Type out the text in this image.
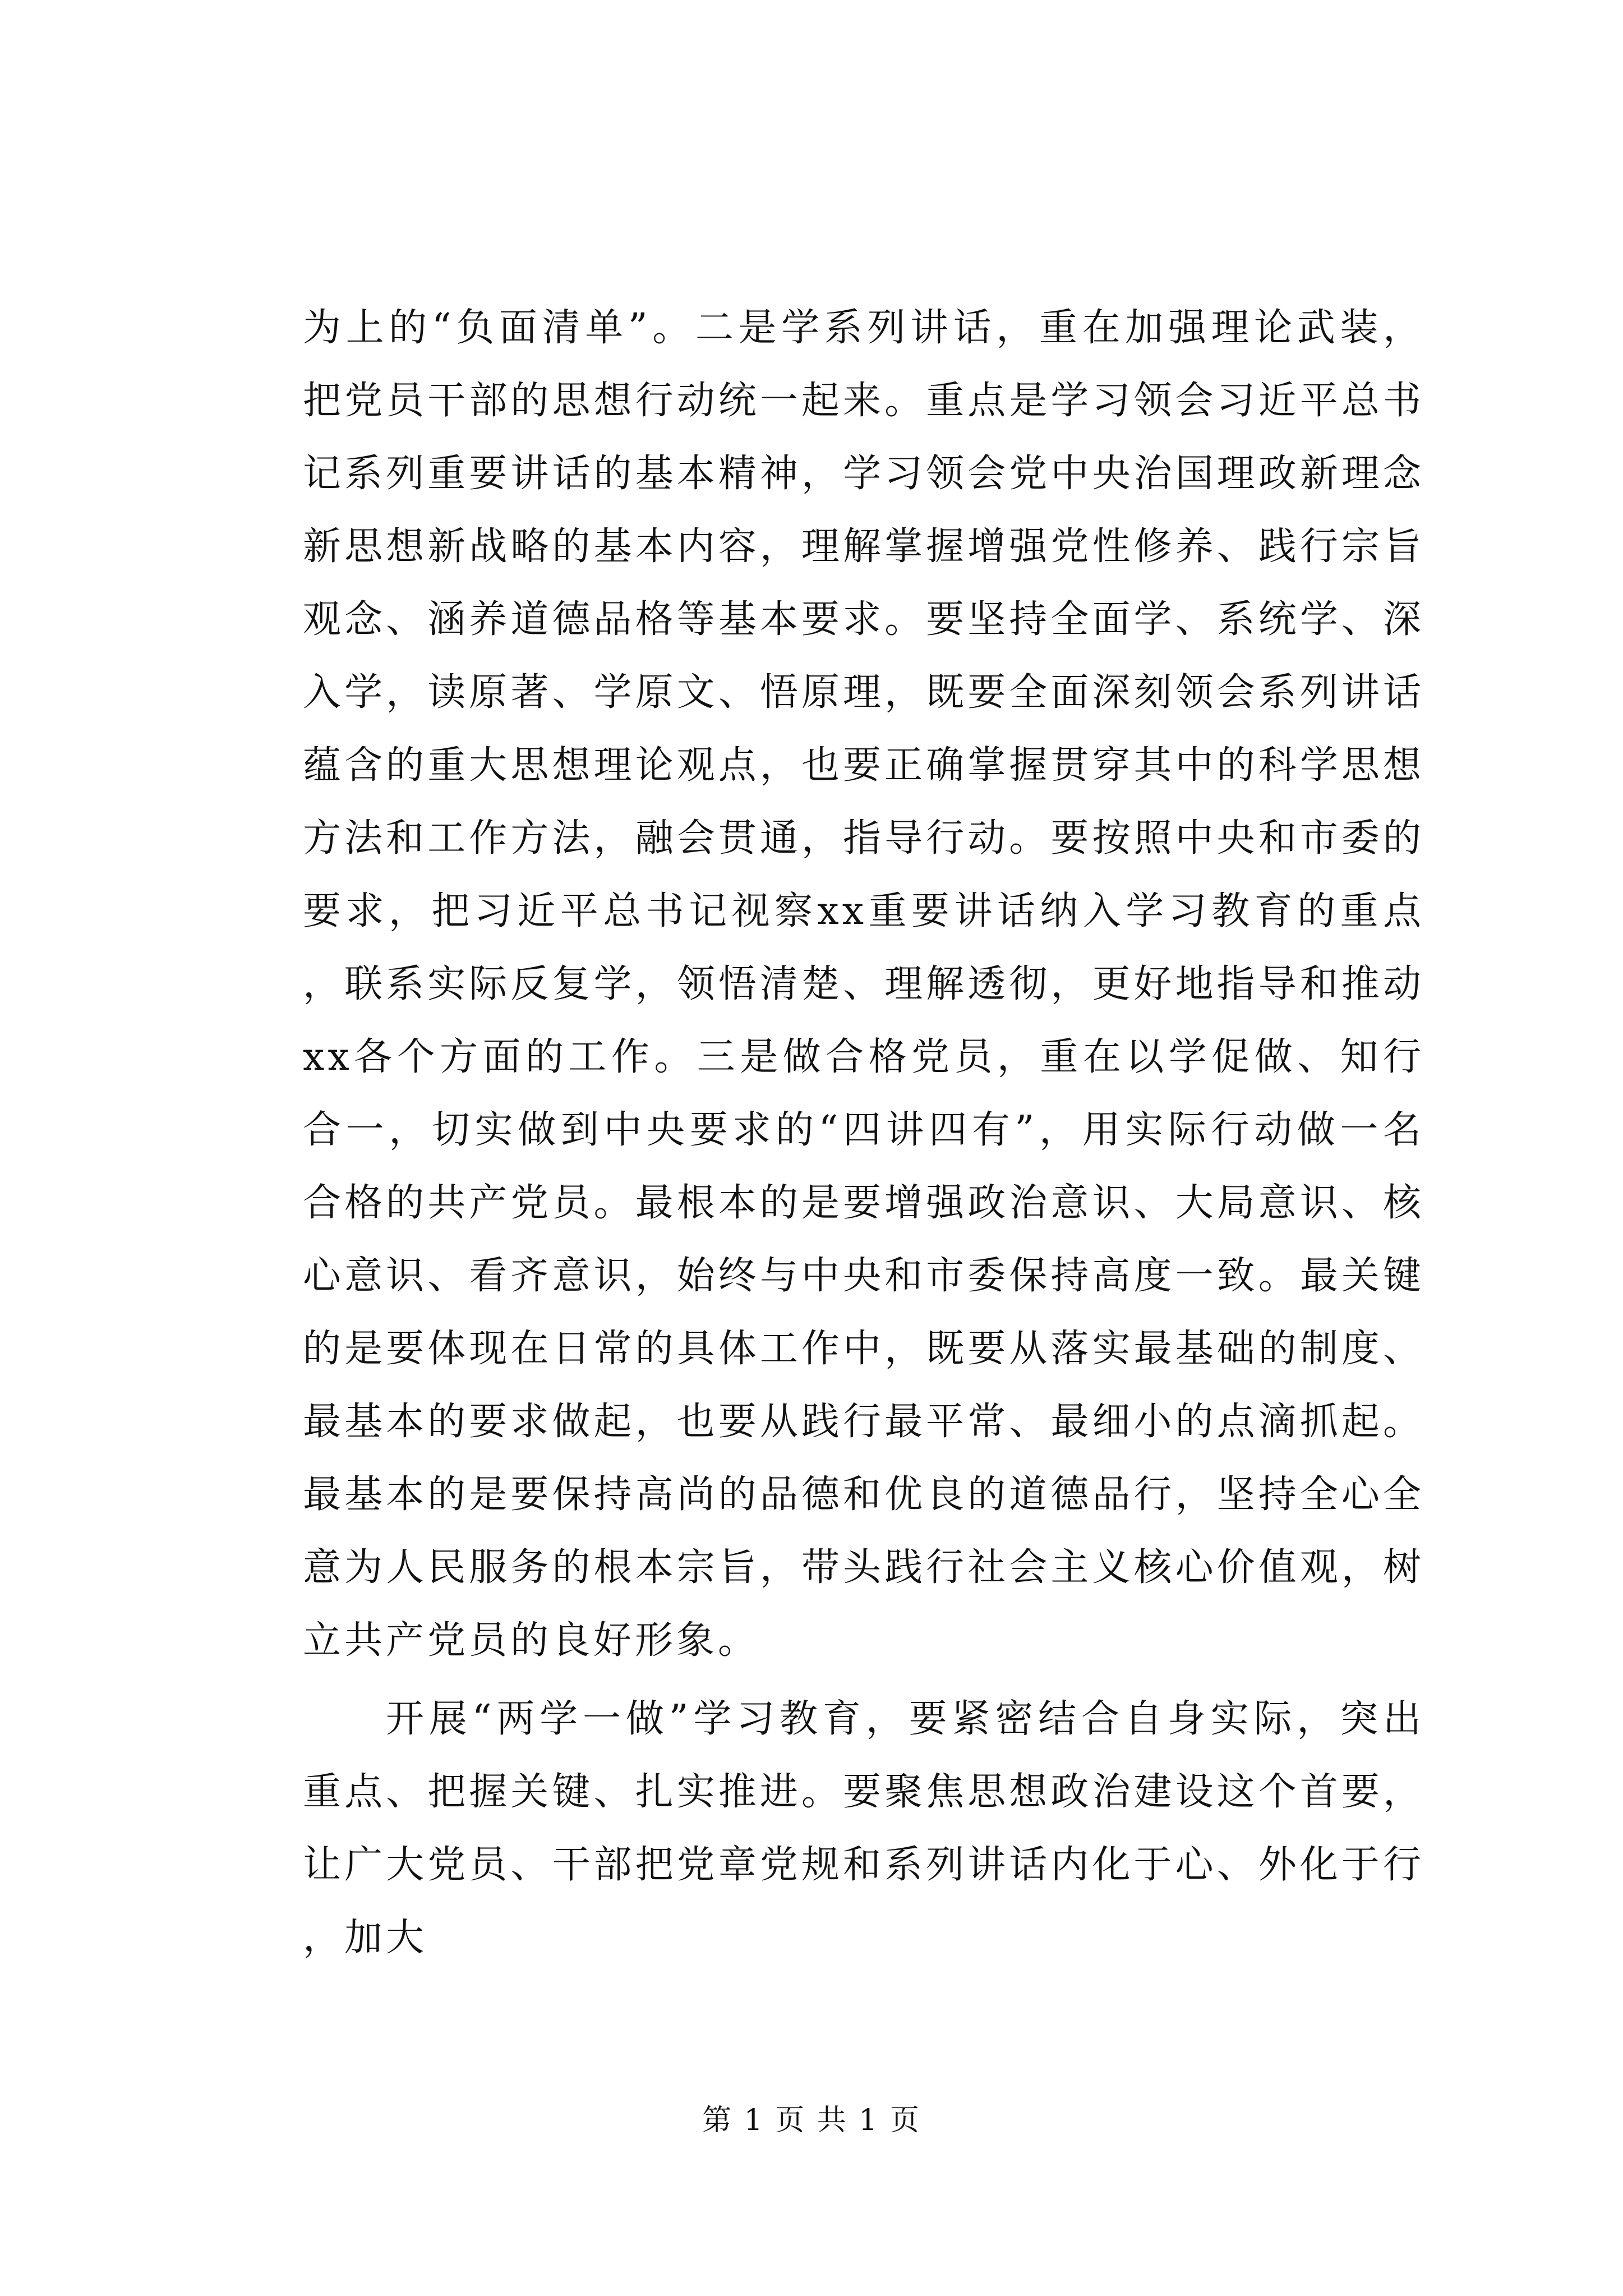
为上的“负面清单”。二是学系列讲话，重在加强理论武装，把党员干部的思想行动统一起来。重点是学习领会习近平总书记系列重要讲话的基本精神，学习领会党中央治国理政新理念新思想新战略的基本内容，理解掌握增强党性修养、践行宗旨观念、涵养道德品格等基本要求。要坚持全面学、系统学、深入学，读原著、学原文、悟原理，既要全面深刻领会系列讲话蕴含的重大思想理论观点，也要正确掌握贯穿其中的科学思想方法和工作方法，融会贯通，指导行动。要按照中央和市委的要求，把习近平总书记视察xx重要讲话纳入学习教育的重点，联系实际反复学，领悟清楚、理解透彻，更好地指导和推动xx各个方面的工作。三是做合格党员，重在以学促做、知行合一，切实做到中央要求的“四讲四有”，用实际行动做一名合格的共产党员。最根本的是要增强政治意识、大局意识、核心意识、看齐意识，始终与中央和市委保持高度一致。最关键的是要体现在日常的具体工作中，既要从落实最基础的制度、最基本的要求做起，也要从践行最平常、最细小的点滴抓起。最基本的是要保持高尚的品德和优良的道德品行，坚持全心全意为人民服务的根本宗旨，带头践行社会主义核心价值观，树立共产党员的良好形象。

开展“两学一做”学习教育，要紧密结合自身实际，突出重点、把握关键、扎实推进。要聚焦思想政治建设这个首要，让广大党员、干部把党章党规和系列讲话内化于心、外化于行，加大

第 1 页 共 1 页
